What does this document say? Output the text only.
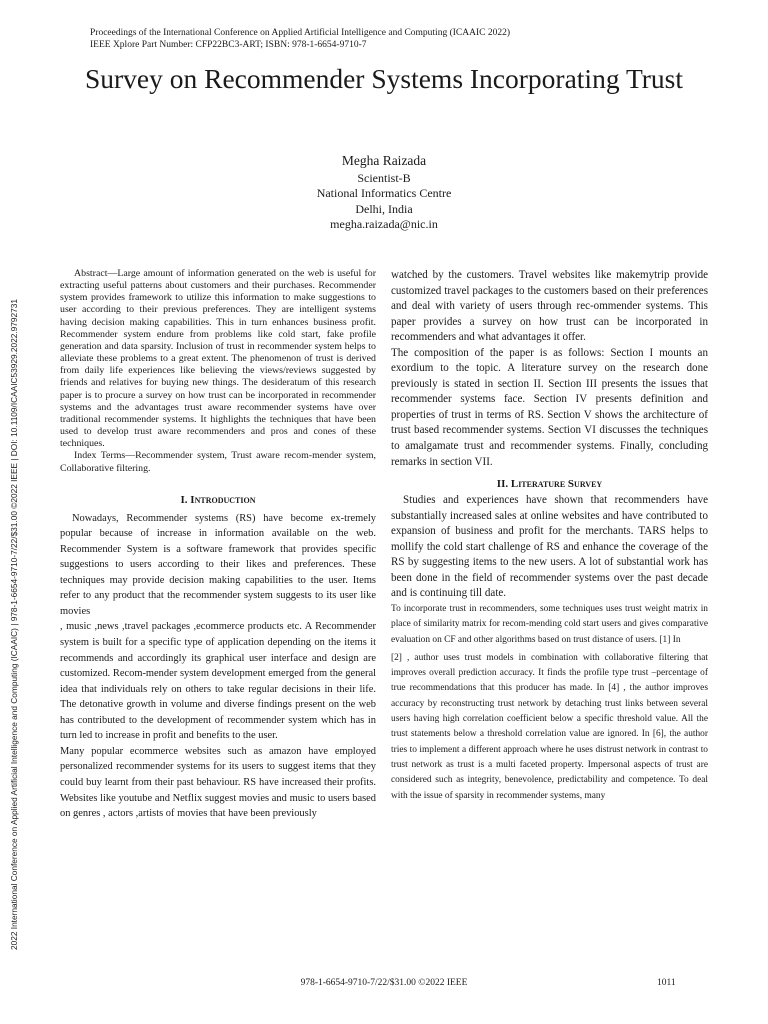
Proceedings of the International Conference on Applied Artificial Intelligence and Computing (ICAAIC 2022)
IEEE Xplore Part Number: CFP22BC3-ART; ISBN: 978-1-6654-9710-7
2022 International Conference on Applied Artificial Intelligence and Computing (ICAAIC) | 978-1-6654-9710-7/22/$31.00 ©2022 IEEE | DOI: 10.1109/ICAAIC53929.2022.9792731
Survey on Recommender Systems Incorporating Trust
Megha Raizada
Scientist-B
National Informatics Centre
Delhi, India
megha.raizada@nic.in

Abstract—Large amount of information generated on the web is useful for extracting useful patterns about customers and their purchases. Recommender system provides framework to utilize this information to make suggestions to user according to their previous preferences. They are intelligent systems having decision making capabilities. This in turn enhances business profit. Recommender system endure from problems like cold start, fake profile generation and data sparsity. Inclusion of trust in recommender system helps to alleviate these problems to a great extent. The phenomenon of trust is derived from daily life experiences like believing the views/reviews suggested by friends and relatives for buying new things. The desideratum of this research paper is to procure a survey on how trust can be incorporated in recommender systems and the advantages trust aware recommender systems have over traditional recommender systems. It highlights the techniques that have been used to develop trust aware recommenders and pros and cones of these techniques.

Index Terms—Recommender system, Trust aware recom-mender system, Collaborative filtering.

I. Introduction

Nowadays, Recommender systems (RS) have become ex-tremely popular because of increase in information available on the web. Recommender System is a software framework that provides specific suggestions to users according to their likes and preferences. These techniques may provide decision making capabilities to the user. Items refer to any product that the recommender system suggests to its user like movies

, music ,news ,travel packages ,ecommerce products etc. A Recommender system is built for a specific type of application depending on the items it recommends and accordingly its graphical user interface and design are customized. Recom-mender system development emerged from the general idea that individuals rely on others to take regular decisions in their life. The detonative growth in volume and diverse findings present on the web has contributed to the development of recommender system which has in turn led to increase in profit and benefits to the user.

Many popular ecommerce websites such as amazon have employed personalized recommender systems for its users to suggest items that they could buy learnt from their past behaviour. RS have increased their profits. Websites like youtube and Netflix suggest movies and music to users based on genres , actors ,artists of movies that have been previously

watched by the customers. Travel websites like makemytrip provide customized travel packages to the customers based on their preferences and deal with variety of users through rec-ommender systems. This paper provides a survey on how trust can be incorporated in recommenders and what advantages it offer.

The composition of the paper is as follows: Section I mounts an exordium to the topic. A literature survey on the research done previously is stated in section II. Section III presents the issues that recommender systems face. Section IV presents definition and properties of trust in terms of RS. Section V shows the architecture of trust based recommender systems. Section VI discusses the techniques to amalgamate trust and recommender systems. Finally, concluding remarks in section VII.

II. Literature Survey

Studies and experiences have shown that recommenders have substantially increased sales at online websites and have contributed to expansion of business and profit for the merchants. TARS helps to mollify the cold start challenge of RS and enhance the coverage of the RS by suggesting items to the new users. A lot of substantial work has been done in the field of recommender systems over the past decade and is continuing till date.

To incorporate trust in recommenders, some techniques uses trust weight matrix in place of similarity matrix for recom-mending cold start users and gives comparative evaluation on CF and other algorithms based on trust distance of users. [1] In

[2] , author uses trust models in combination with collaborative filtering that improves overall prediction accuracy. It finds the profile type trust –percentage of true recommendations that this producer has made. In [4] , the author improves accuracy by reconstructing trust network by detaching trust links between several users having high correlation coefficient below a specific threshold value. All the trust statements below a threshold correlation value are ignored. In [6], the author tries to implement a different approach where he uses distrust network in contrast to trust network as trust is a multi faceted property. Impersonal aspects of trust are considered such as integrity, benevolence, predictability and competence. To deal with the issue of sparsity in recommender systems, many

978-1-6654-9710-7/22/$31.00 ©2022 IEEE	1011
